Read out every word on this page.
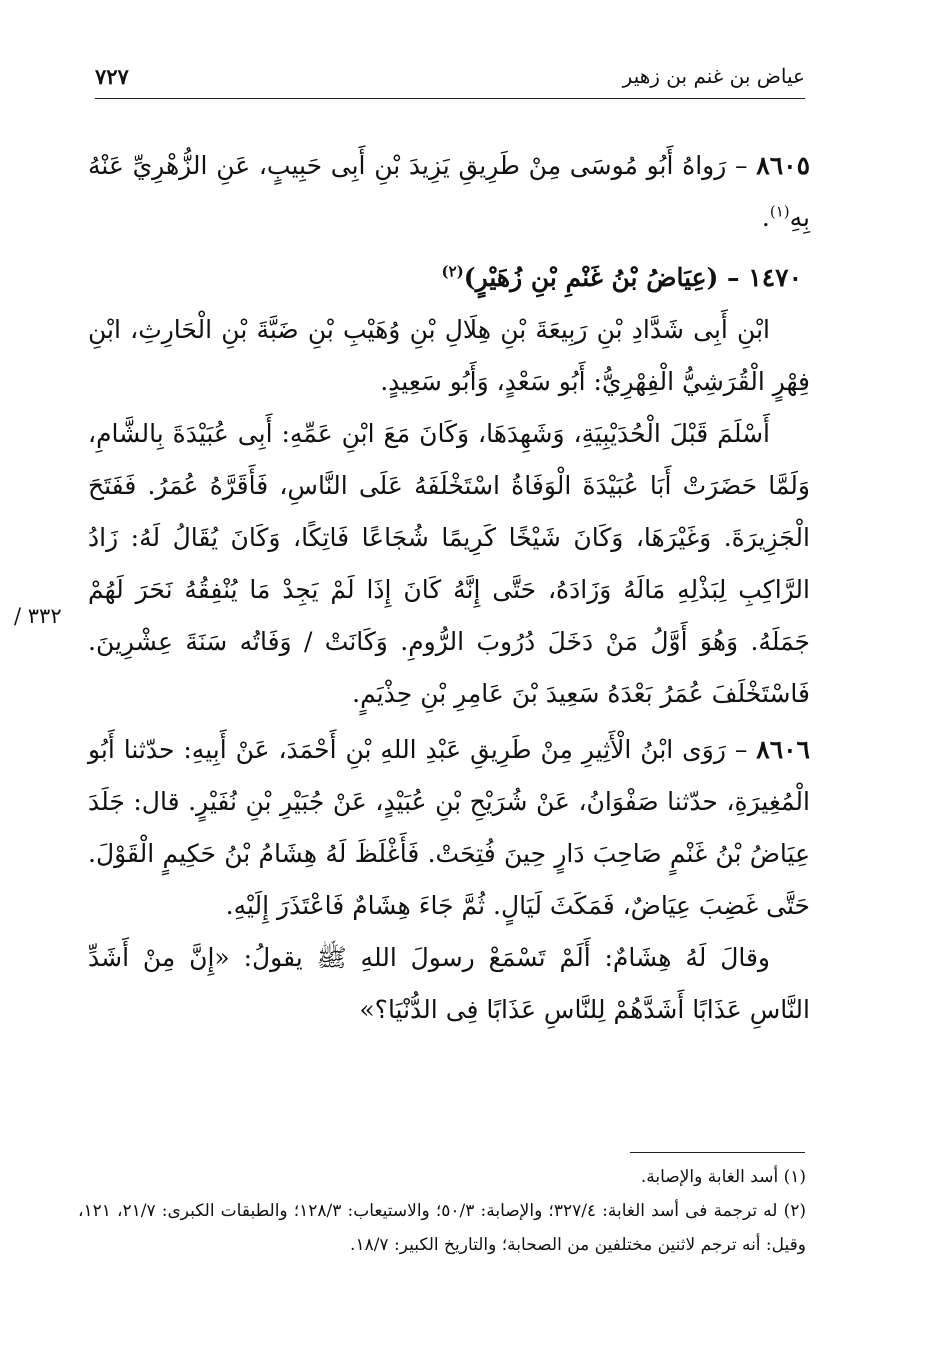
عياض بن غنم بن زهير
٧٢٧
٣٣٢ /

٨٦٠٥ – رَواهُ أَبُو مُوسَى مِنْ طَرِيقِ يَزِيدَ بْنِ أَبِى حَبِيبٍ، عَنِ الزُّهْرِيِّ عَنْهُ بِهِ$^{(١)}$.

١٤٧٠ – (عِيَاضُ بْنُ غَنْمِ بْنِ زُهَيْرٍ)$^{(٢)}$

ابْنِ أَبِى شَدَّادِ بْنِ رَبِيعَةَ بْنِ هِلَالِ بْنِ وُهَيْبِ بْنِ ضَبَّةَ بْنِ الْحَارِثِ، ابْنِ فِهْرٍ الْقُرَشِيُّ الْفِهْرِيُّ: أَبُو سَعْدٍ، وَأَبُو سَعِيدٍ.

أَسْلَمَ قَبْلَ الْحُدَيْبِيَةِ، وَشَهِدَهَا، وَكَانَ مَعَ ابْنِ عَمِّهِ: أَبِى عُبَيْدَةَ بِالشَّامِ، وَلَمَّا حَضَرَتْ أَبَا عُبَيْدَةَ الْوَفَاةُ اسْتَخْلَفَهُ عَلَى النَّاسِ، فَأَقَرَّهُ عُمَرُ. فَفَتَحَ الْجَزِيرَةَ. وَغَيْرَهَا، وَكَانَ شَيْخًا كَرِيمًا شُجَاعًا فَاتِكًا، وَكَانَ يُقَالُ لَهُ: زَادُ الرَّاكِبِ لِبَذْلِهِ مَالَهُ وَزَادَهُ، حَتَّى إِنَّهُ كَانَ إِذَا لَمْ يَجِدْ مَا يُنْفِقُهُ نَحَرَ لَهُمْ جَمَلَهُ. وَهُوَ أَوَّلُ مَنْ دَخَلَ دُرُوبَ الرُّومِ. وَكَانَتْ / وَفَاتُه سَنَةَ عِشْرِينَ. فَاسْتَخْلَفَ عُمَرُ بَعْدَهُ سَعِيدَ بْنَ عَامِرِ بْنِ حِذْيَمٍ.

٨٦٠٦ – رَوَى ابْنُ الْأَثِيرِ مِنْ طَرِيقِ عَبْدِ اللهِ بْنِ أَحْمَدَ، عَنْ أَبِيهِ: حدّثنا أَبُو الْمُغِيرَةِ، حدّثنا صَفْوَانُ، عَنْ شُرَيْحِ بْنِ عُبَيْدٍ، عَنْ جُبَيْرِ بْنِ نُفَيْرٍ. قال: جَلَدَ عِيَاضُ بْنُ غَنْمٍ صَاحِبَ دَارٍ حِينَ فُتِحَتْ. فَأَغْلَظَ لَهُ هِشَامُ بْنُ حَكِيمٍ الْقَوْلَ. حَتَّى غَضِبَ عِيَاضٌ، فَمَكَثَ لَيَالٍ. ثُمَّ جَاءَ هِشَامٌ فَاعْتَذَرَ إِلَيْهِ.

وقالَ لَهُ هِشَامٌ: أَلَمْ تَسْمَعْ رسولَ اللهِ ﷺ يقولُ: «إِنَّ مِنْ أَشَدِّ النَّاسِ عَذَابًا أَشَدَّهُمْ لِلنَّاسِ عَذَابًا فِى الدُّنْيَا؟»

(١) أسد الغابة والإصابة.

(٢) له ترجمة فى أسد الغابة: ٣٢٧/٤؛ والإصابة: ٥٠/٣؛ والاستيعاب: ١٢٨/٣؛ والطبقات الكبرى: ٢١/٧، ١٢١، وقيل: أنه ترجم لاثنين مختلفين من الصحابة؛ والتاريخ الكبير: ١٨/٧.
